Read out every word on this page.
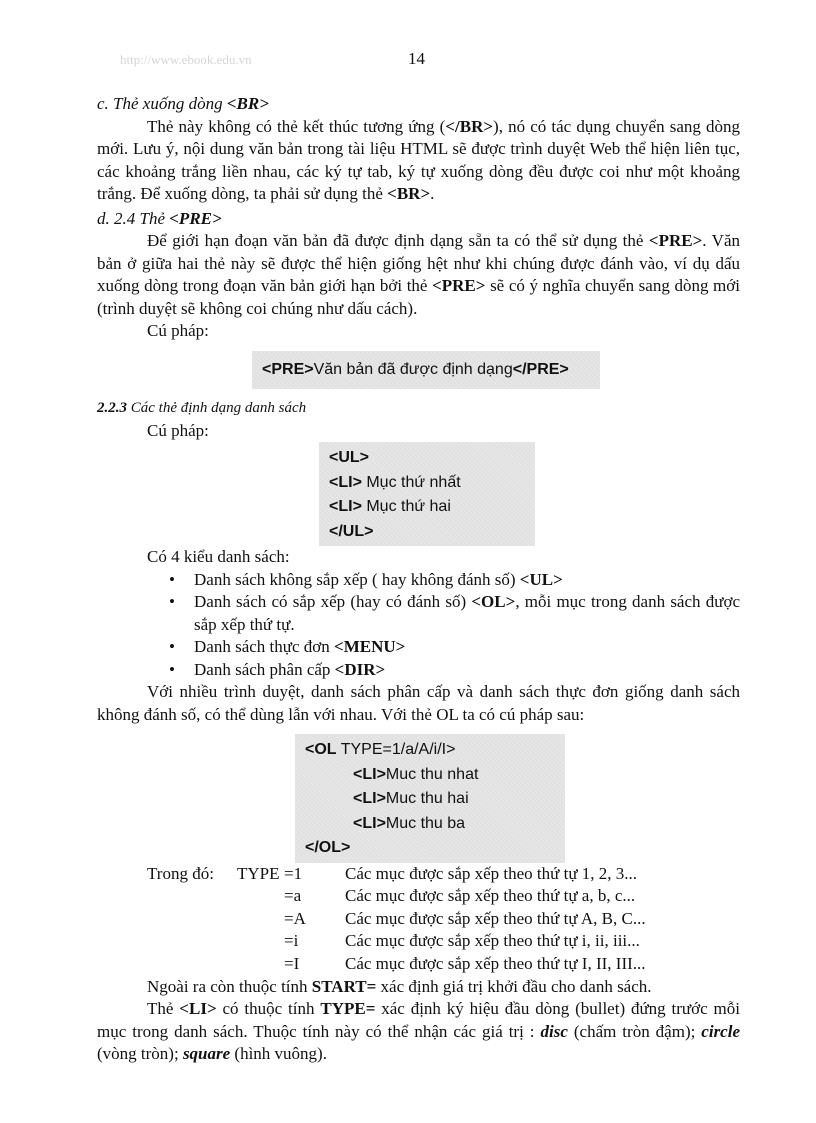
http://www.ebook.edu.vn	14

c. Thẻ xuống dòng <BR>

Thẻ này không có thẻ kết thúc tương ứng (</BR>), nó có tác dụng chuyển sang dòng mới. Lưu ý, nội dung văn bản trong tài liệu HTML sẽ được trình duyệt Web thể hiện liên tục, các khoảng trắng liền nhau, các ký tự tab, ký tự xuống dòng đều được coi như một khoảng trắng. Để xuống dòng, ta phải sử dụng thẻ <BR>.

d. 2.4 Thẻ <PRE>

Để giới hạn đoạn văn bản đã được định dạng sẵn ta có thể sử dụng thẻ <PRE>. Văn bản ở giữa hai thẻ này sẽ được thể hiện giống hệt như khi chúng được đánh vào, ví dụ dấu xuống dòng trong đoạn văn bản giới hạn bởi thẻ <PRE> sẽ có ý nghĩa chuyển sang dòng mới (trình duyệt sẽ không coi chúng như dấu cách).

Cú pháp:

<PRE>Văn bản đã được định dạng</PRE>

2.2.3 Các thẻ định dạng danh sách

Cú pháp:

<UL>
<LI> Mục thứ nhất
<LI> Mục thứ hai
</UL>

Có 4 kiểu danh sách:

• Danh sách không sắp xếp ( hay không đánh số) <UL>
• Danh sách có sắp xếp (hay có đánh số) <OL>, mỗi mục trong danh sách được sắp xếp thứ tự.
• Danh sách thực đơn <MENU>
• Danh sách phân cấp <DIR>

Với nhiều trình duyệt, danh sách phân cấp và danh sách thực đơn giống danh sách không đánh số, có thể dùng lẫn với nhau. Với thẻ OL ta có cú pháp sau:

<OL TYPE=1/a/A/i/I>
<LI>Muc thu nhat
<LI>Muc thu hai
<LI>Muc thu ba
</OL>
Trong đó: TYPE =1	Các mục được sắp xếp theo thứ tự 1, 2, 3...
=a	Các mục được sắp xếp theo thứ tự a, b, c...
=A Các mục được sắp xếp theo thứ tự A, B, C...
=i	Các mục được sắp xếp theo thứ tự i, ii, iii...
=I	Các mục được sắp xếp theo thứ tự I, II, III...

Ngoài ra còn thuộc tính START= xác định giá trị khởi đầu cho danh sách.

Thẻ <LI> có thuộc tính TYPE= xác định ký hiệu đầu dòng (bullet) đứng trước mỗi mục trong danh sách. Thuộc tính này có thể nhận các giá trị : disc (chấm tròn đậm); circle (vòng tròn); square (hình vuông).
